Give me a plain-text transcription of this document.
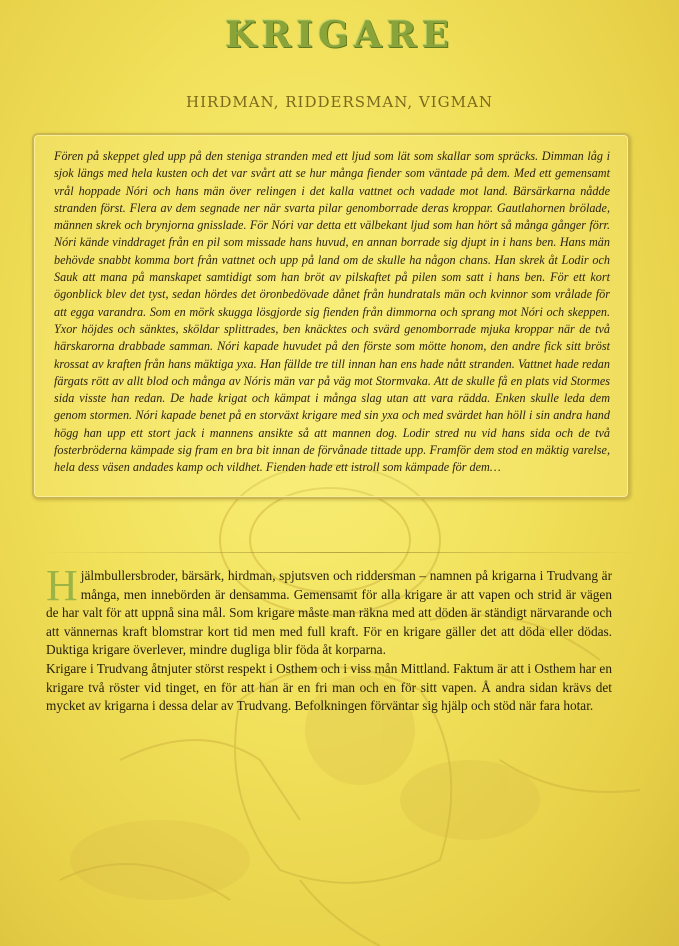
KRIGARE
HIRDMAN, RIDDERSMAN, VIGMAN

Fören på skeppet gled upp på den steniga stranden med ett ljud som lät som skallar som spräcks. Dimman låg i sjok längs med hela kusten och det var svårt att se hur många fiender som väntade på dem. Med ett gemensamt vrål hoppade Nóri och hans män över relingen i det kalla vattnet och vadade mot land. Bärsärkarna nådde stranden först. Flera av dem segnade ner när svarta pilar genomborrade deras kroppar. Gautlahornen brölade, männen skrek och brynjorna gnisslade. För Nóri var detta ett välbekant ljud som han hört så många gånger förr. Nóri kände vinddraget från en pil som missade hans huvud, en annan borrade sig djupt in i hans ben. Hans män behövde snabbt komma bort från vattnet och upp på land om de skulle ha någon chans. Han skrek åt Lodir och Sauk att mana på manskapet samtidigt som han bröt av pilskaftet på pilen som satt i hans ben. För ett kort ögonblick blev det tyst, sedan hördes det öronbedövade dånet från hundratals män och kvinnor som vrålade för att egga varandra. Som en mörk skugga lösgjorde sig fienden från dimmorna och sprang mot Nóri och skeppen. Yxor höjdes och sänktes, sköldar splittrades, ben knäcktes och svärd genomborrade mjuka kroppar när de två härskarorna drabbade samman. Nóri kapade huvudet på den förste som mötte honom, den andre fick sitt bröst krossat av kraften från hans mäktiga yxa. Han fällde tre till innan han ens hade nått stranden. Vattnet hade redan färgats rött av allt blod och många av Nóris män var på väg mot Stormvaka. Att de skulle få en plats vid Stormes sida visste han redan. De hade krigat och kämpat i många slag utan att vara rädda. Enken skulle leda dem genom stormen. Nóri kapade benet på en storväxt krigare med sin yxa och med svärdet han höll i sin andra hand högg han upp ett stort jack i mannens ansikte så att mannen dog. Lodir stred nu vid hans sida och de två fosterbröderna kämpade sig fram en bra bit innan de förvånade tittade upp. Framför dem stod en mäktig varelse, hela dess väsen andades kamp och vildhet. Fienden hade ett istroll som kämpade för dem…

Hjälmbullersbroder, bärsärk, hirdman, spjutsven och riddersman – namnen på krigarna i Trudvang är många, men innebörden är densamma. Gemensamt för alla krigare är att vapen och strid är vägen de har valt för att uppnå sina mål. Som krigare måste man räkna med att döden är ständigt närvarande och att vännernas kraft blomstrar kort tid men med full kraft. För en krigare gäller det att döda eller dödas. Duktiga krigare överlever, mindre dugliga blir föda åt korparna.

Krigare i Trudvang åtnjuter störst respekt i Osthem och i viss mån Mittland. Faktum är att i Osthem har en krigare två röster vid tinget, en för att han är en fri man och en för sitt vapen. Å andra sidan krävs det mycket av krigarna i dessa delar av Trudvang. Befolkningen förväntar sig hjälp och stöd när fara hotar.
